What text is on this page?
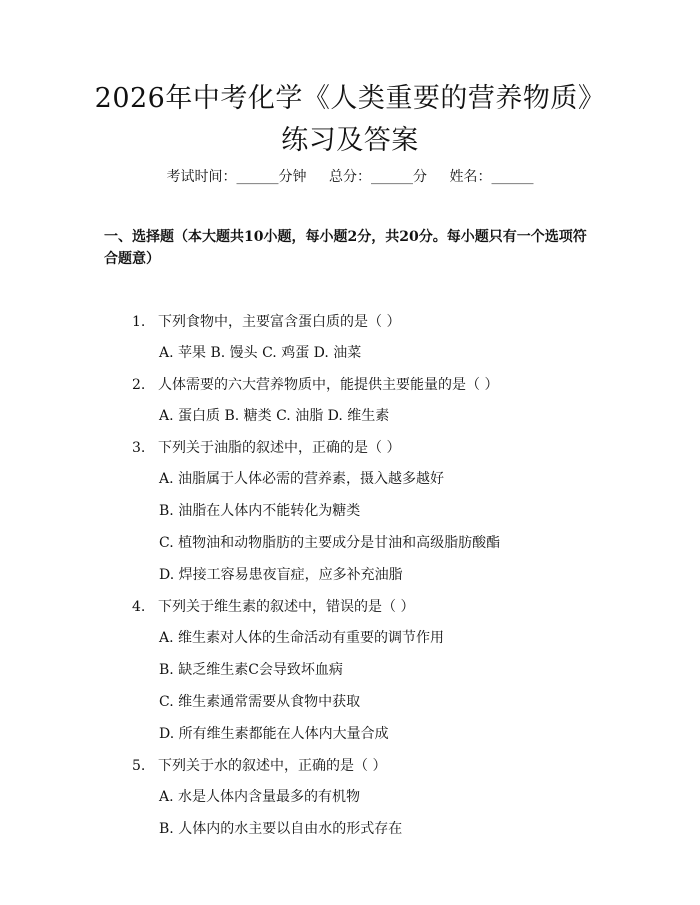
2026年中考化学《人类重要的营养物质》练习及答案
考试时间：______分钟 总分：______分 姓名：______
一、选择题（本大题共10小题，每小题2分，共20分。每小题只有一个选项符合题意）
1. 下列食物中，主要富含蛋白质的是（ ）
A. 苹果 B. 馒头 C. 鸡蛋 D. 油菜
2. 人体需要的六大营养物质中，能提供主要能量的是（ ）
A. 蛋白质 B. 糖类 C. 油脂 D. 维生素
3. 下列关于油脂的叙述中，正确的是（ ）
A. 油脂属于人体必需的营养素，摄入越多越好
B. 油脂在人体内不能转化为糖类
C. 植物油和动物脂肪的主要成分是甘油和高级脂肪酸酯
D. 焊接工容易患夜盲症，应多补充油脂
4. 下列关于维生素的叙述中，错误的是（ ）
A. 维生素对人体的生命活动有重要的调节作用
B. 缺乏维生素C会导致坏血病
C. 维生素通常需要从食物中获取
D. 所有维生素都能在人体内大量合成
5. 下列关于水的叙述中，正确的是（ ）
A. 水是人体内含量最多的有机物
B. 人体内的水主要以自由水的形式存在
